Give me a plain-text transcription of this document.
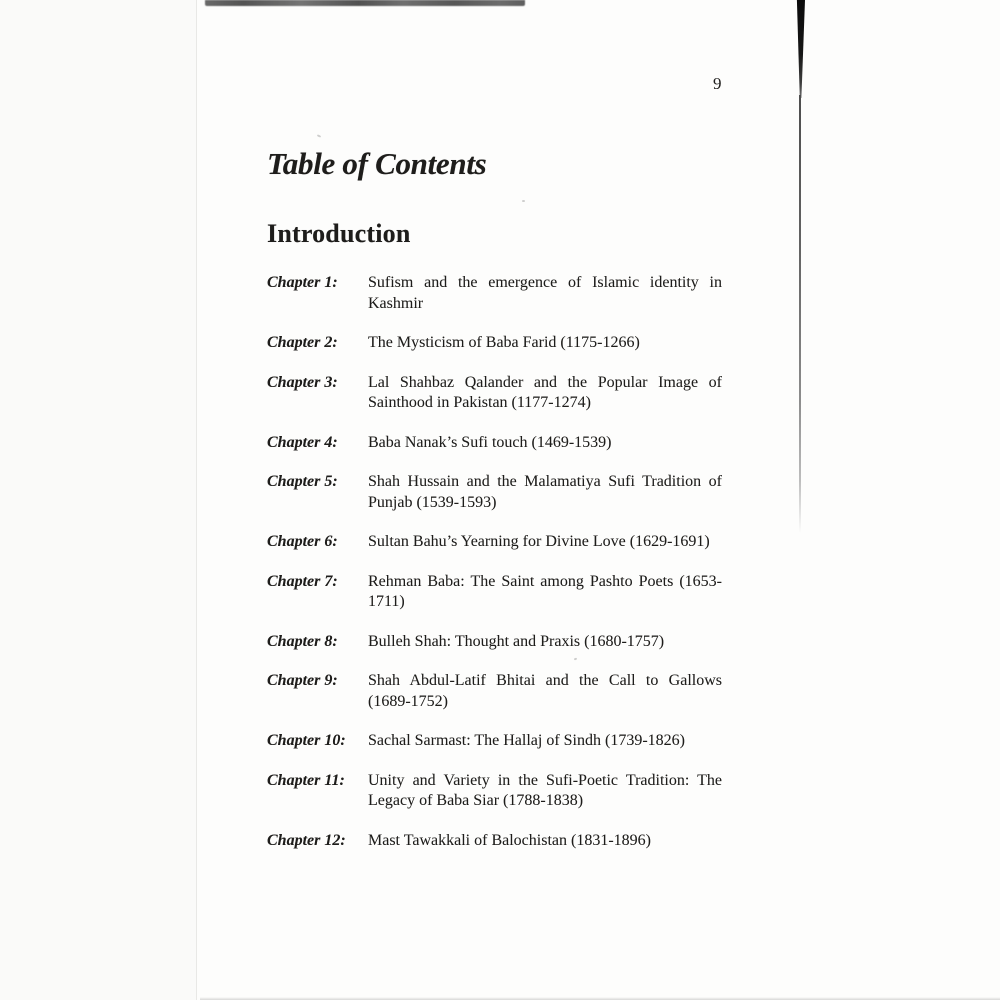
9
Table of Contents
Introduction
Chapter 1:	Sufism and the emergence of Islamic identity in Kashmir
Chapter 2:	The Mysticism of Baba Farid (1175-1266)
Chapter 3:	Lal Shahbaz Qalander and the Popular Image of Sainthood in Pakistan (1177-1274)
Chapter 4:	Baba Nanak’s Sufi touch (1469-1539)
Chapter 5:	Shah Hussain and the Malamatiya Sufi Tradition of Punjab (1539-1593)
Chapter 6:	Sultan Bahu’s Yearning for Divine Love (1629-1691)
Chapter 7:	Rehman Baba: The Saint among Pashto Poets (1653-1711)
Chapter 8:	Bulleh Shah: Thought and Praxis (1680-1757)
Chapter 9:	Shah Abdul-Latif Bhitai and the Call to Gallows (1689-1752)
Chapter 10:	Sachal Sarmast: The Hallaj of Sindh (1739-1826)
Chapter 11:	Unity and Variety in the Sufi-Poetic Tradition: The Legacy of Baba Siar (1788-1838)
Chapter 12:	Mast Tawakkali of Balochistan (1831-1896)
